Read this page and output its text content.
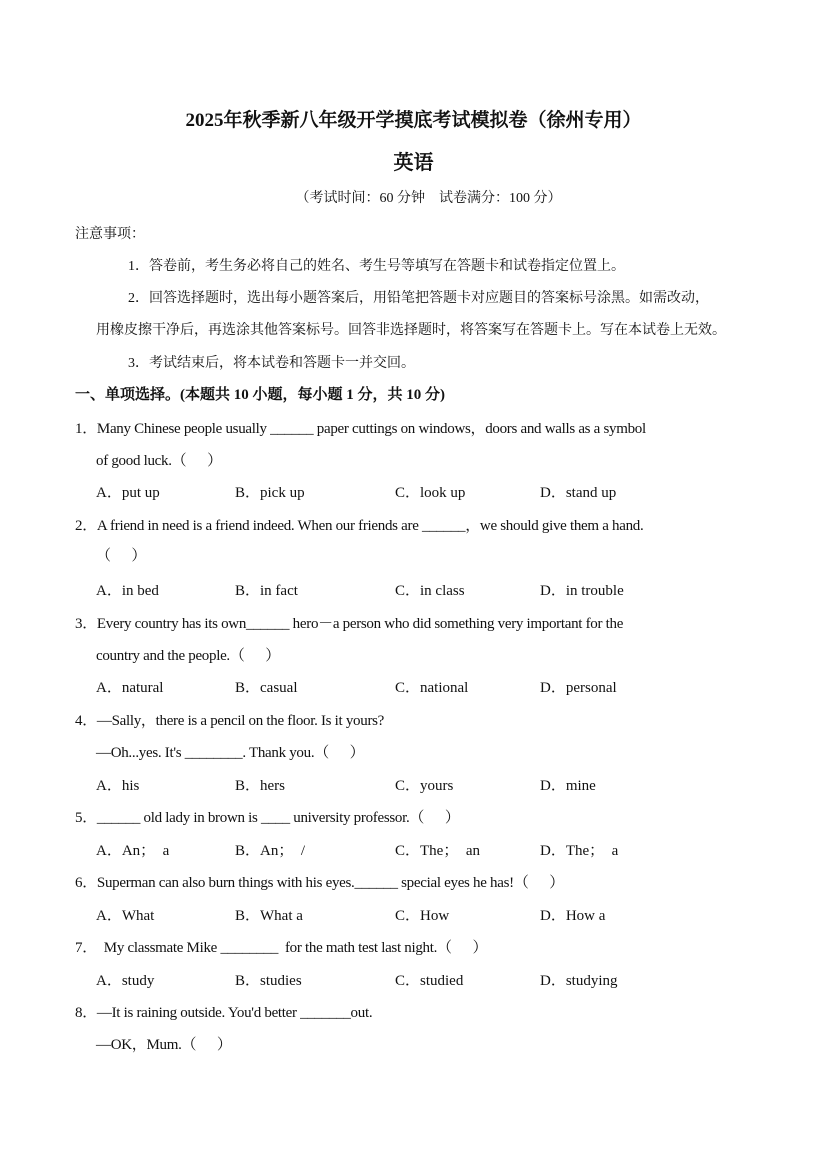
2025年秋季新八年级开学摸底考试模拟卷（徐州专用）
英语
（考试时间：60 分钟    试卷满分：100 分）
注意事项：
1．答卷前，考生务必将自己的姓名、考生号等填写在答题卡和试卷指定位置上。
2．回答选择题时，选出每小题答案后，用铅笔把答题卡对应题目的答案标号涂黑。如需改动，
用橡皮擦干净后，再选涂其他答案标号。回答非选择题时，将答案写在答题卡上。写在本试卷上无效。
3．考试结束后，将本试卷和答题卡一并交回。
一、单项选择。(本题共 10 小题，每小题 1 分，共 10 分)
1．Many Chinese people usually ______ paper cuttings on windows，doors and walls as a symbol
of good luck.（      ）
A．put up	B．pick up	C．look up	D．stand up
2．A friend in need is a friend indeed. When our friends are ______，we should give them a hand.
（      ）
A．in bed	B．in fact	C．in class	D．in trouble
3．Every country has its own______ hero－a person who did something very important for the
country and the people.（      ）
A．natural	B．casual	C．national	D．personal
4．—Sally，there is a pencil on the floor. Is it yours?
—Oh...yes. It's ________. Thank you.（      ）
A．his	B．hers	C．yours	D．mine
5．______ old lady in brown is ____ university professor.（      ）
A．An；  a	B．An；  /	C．The；  an	D．The；  a
6．Superman can also burn things with his eyes.______ special eyes he has!（      ）
A．What	B．What a	C．How	D．How a
7．  My classmate Mike ________  for the math test last night.（      ）
A．study	B．studies	C．studied	D．studying
8．—It is raining outside. You'd better _______out.
—OK，Mum.（      ）
